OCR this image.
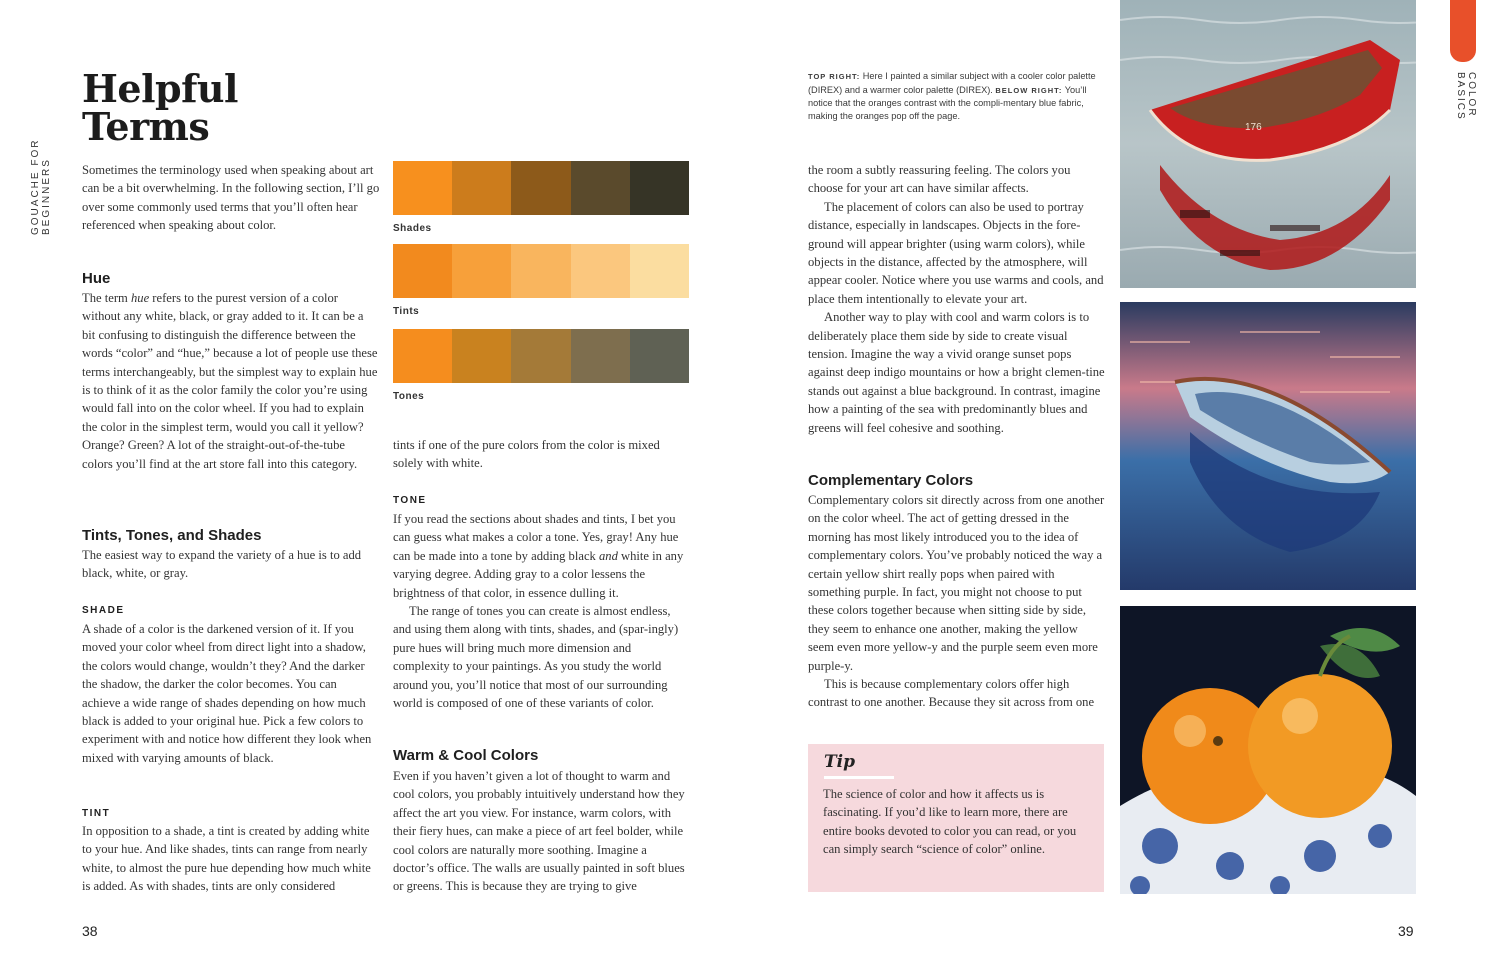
GOUACHE FOR BEGINNERS
Helpful
Terms
Sometimes the terminology used when speaking about art can be a bit overwhelming. In the following section, I’ll go over some commonly used terms that you’ll often hear referenced when speaking about color.
Hue
The term hue refers to the purest version of a color without any white, black, or gray added to it. It can be a bit confusing to distinguish the difference between the words “color” and “hue,” because a lot of people use these terms interchangeably, but the simplest way to explain hue is to think of it as the color family the color you’re using would fall into on the color wheel. If you had to explain the color in the simplest term, would you call it yellow? Orange? Green? A lot of the straight-out-of-the-tube colors you’ll find at the art store fall into this category.
Tints, Tones, and Shades
The easiest way to expand the variety of a hue is to add black, white, or gray.
SHADE
A shade of a color is the darkened version of it. If you moved your color wheel from direct light into a shadow, the colors would change, wouldn’t they? And the darker the shadow, the darker the color becomes. You can achieve a wide range of shades depending on how much black is added to your original hue. Pick a few colors to experiment with and notice how different they look when mixed with varying amounts of black.
TINT
In opposition to a shade, a tint is created by adding white to your hue. And like shades, tints can range from nearly white, to almost the pure hue depending how much white is added. As with shades, tints are only considered
Shades
Tints
Tones
tints if one of the pure colors from the color is mixed solely with white.
TONE

If you read the sections about shades and tints, I bet you can guess what makes a color a tone. Yes, gray! Any hue can be made into a tone by adding black and white in any varying degree. Adding gray to a color lessens the brightness of that color, in essence dulling it.

The range of tones you can create is almost endless, and using them along with tints, shades, and (spar-ingly) pure hues will bring much more dimension and complexity to your paintings. As you study the world around you, you’ll notice that most of our surrounding world is composed of one of these variants of color.

Warm & Cool Colors
Even if you haven’t given a lot of thought to warm and cool colors, you probably intuitively understand how they affect the art you view. For instance, warm colors, with their fiery hues, can make a piece of art feel bolder, while cool colors are naturally more soothing. Imagine a doctor’s office. The walls are usually painted in soft blues or greens. This is because they are trying to give
38
TOP RIGHT: Here I painted a similar subject with a cooler color palette (DIREX) and a warmer color palette (DIREX). BELOW RIGHT: You’ll notice that the oranges contrast with the compli-mentary blue fabric, making the oranges pop off the page.

the room a subtly reassuring feeling. The colors you choose for your art can have similar affects.

The placement of colors can also be used to portray distance, especially in landscapes. Objects in the fore-ground will appear brighter (using warm colors), while objects in the distance, affected by the atmosphere, will appear cooler. Notice where you use warms and cools, and place them intentionally to elevate your art.

Another way to play with cool and warm colors is to deliberately place them side by side to create visual tension. Imagine the way a vivid orange sunset pops against deep indigo mountains or how a bright clemen-tine stands out against a blue background. In contrast, imagine how a painting of the sea with predominantly blues and greens will feel cohesive and soothing.

Complementary Colors

Complementary colors sit directly across from one another on the color wheel. The act of getting dressed in the morning has most likely introduced you to the idea of complementary colors. You’ve probably noticed the way a certain yellow shirt really pops when paired with something purple. In fact, you might not choose to put these colors together because when sitting side by side, they seem to enhance one another, making the yellow seem even more yellow-y and the purple seem even more purple-y.

This is because complementary colors offer high contrast to one another. Because they sit across from one

Tip
The science of color and how it affects us is fascinating. If you’d like to learn more, there are entire books devoted to color you can read, or you can simply search “science of color” online.
176
COLOR BASICS
39
